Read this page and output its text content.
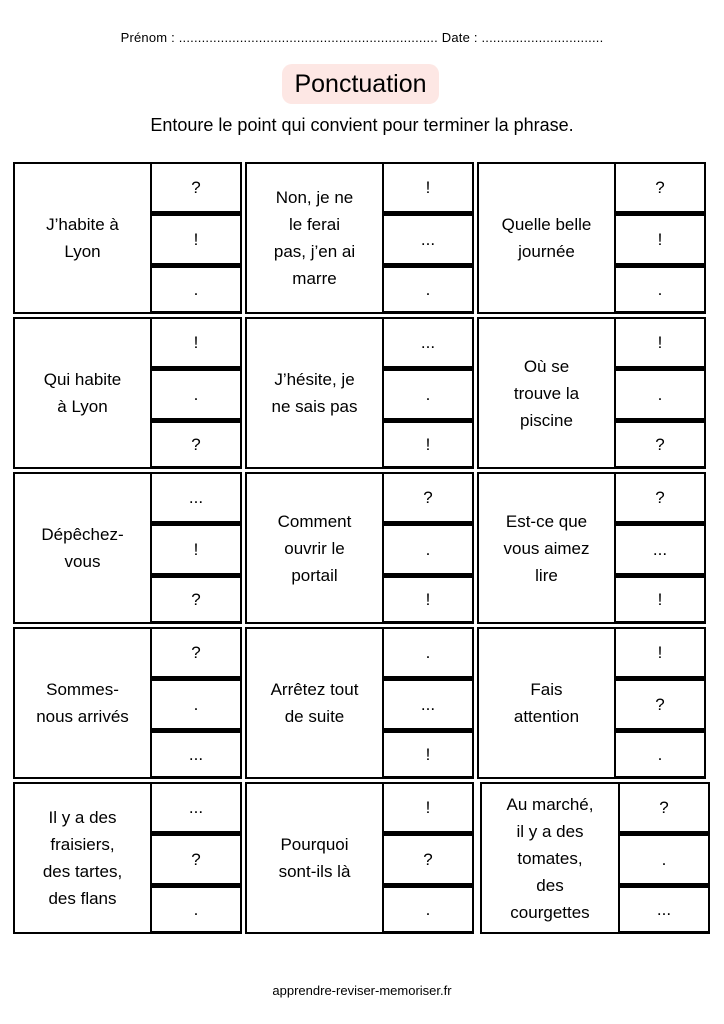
Prénom : .................................................................... Date : ................................
Ponctuation
Entoure le point qui convient pour terminer la phrase.
J’habite à
Lyon
?
!
.
Non, je ne
le ferai
pas, j’en ai
marre
!
...
.
Quelle belle
journée
?
!
.
Qui habite
à Lyon
!
.
?
J’hésite, je
ne sais pas
...
.
!
Où se
trouve la
piscine
!
.
?
Dépêchez-
vous
...
!
?
Comment
ouvrir le
portail
?
.
!
Est-ce que
vous aimez
lire
?
...
!
Sommes-
nous arrivés
?
.
...
Arrêtez tout
de suite
.
...
!
Fais
attention
!
?
.
Il y a des
fraisiers,
des tartes,
des flans
...
?
.
Pourquoi
sont-ils là
!
?
.
Au marché,
il y a des
tomates,
des
courgettes
?
.
...
apprendre-reviser-memoriser.fr
